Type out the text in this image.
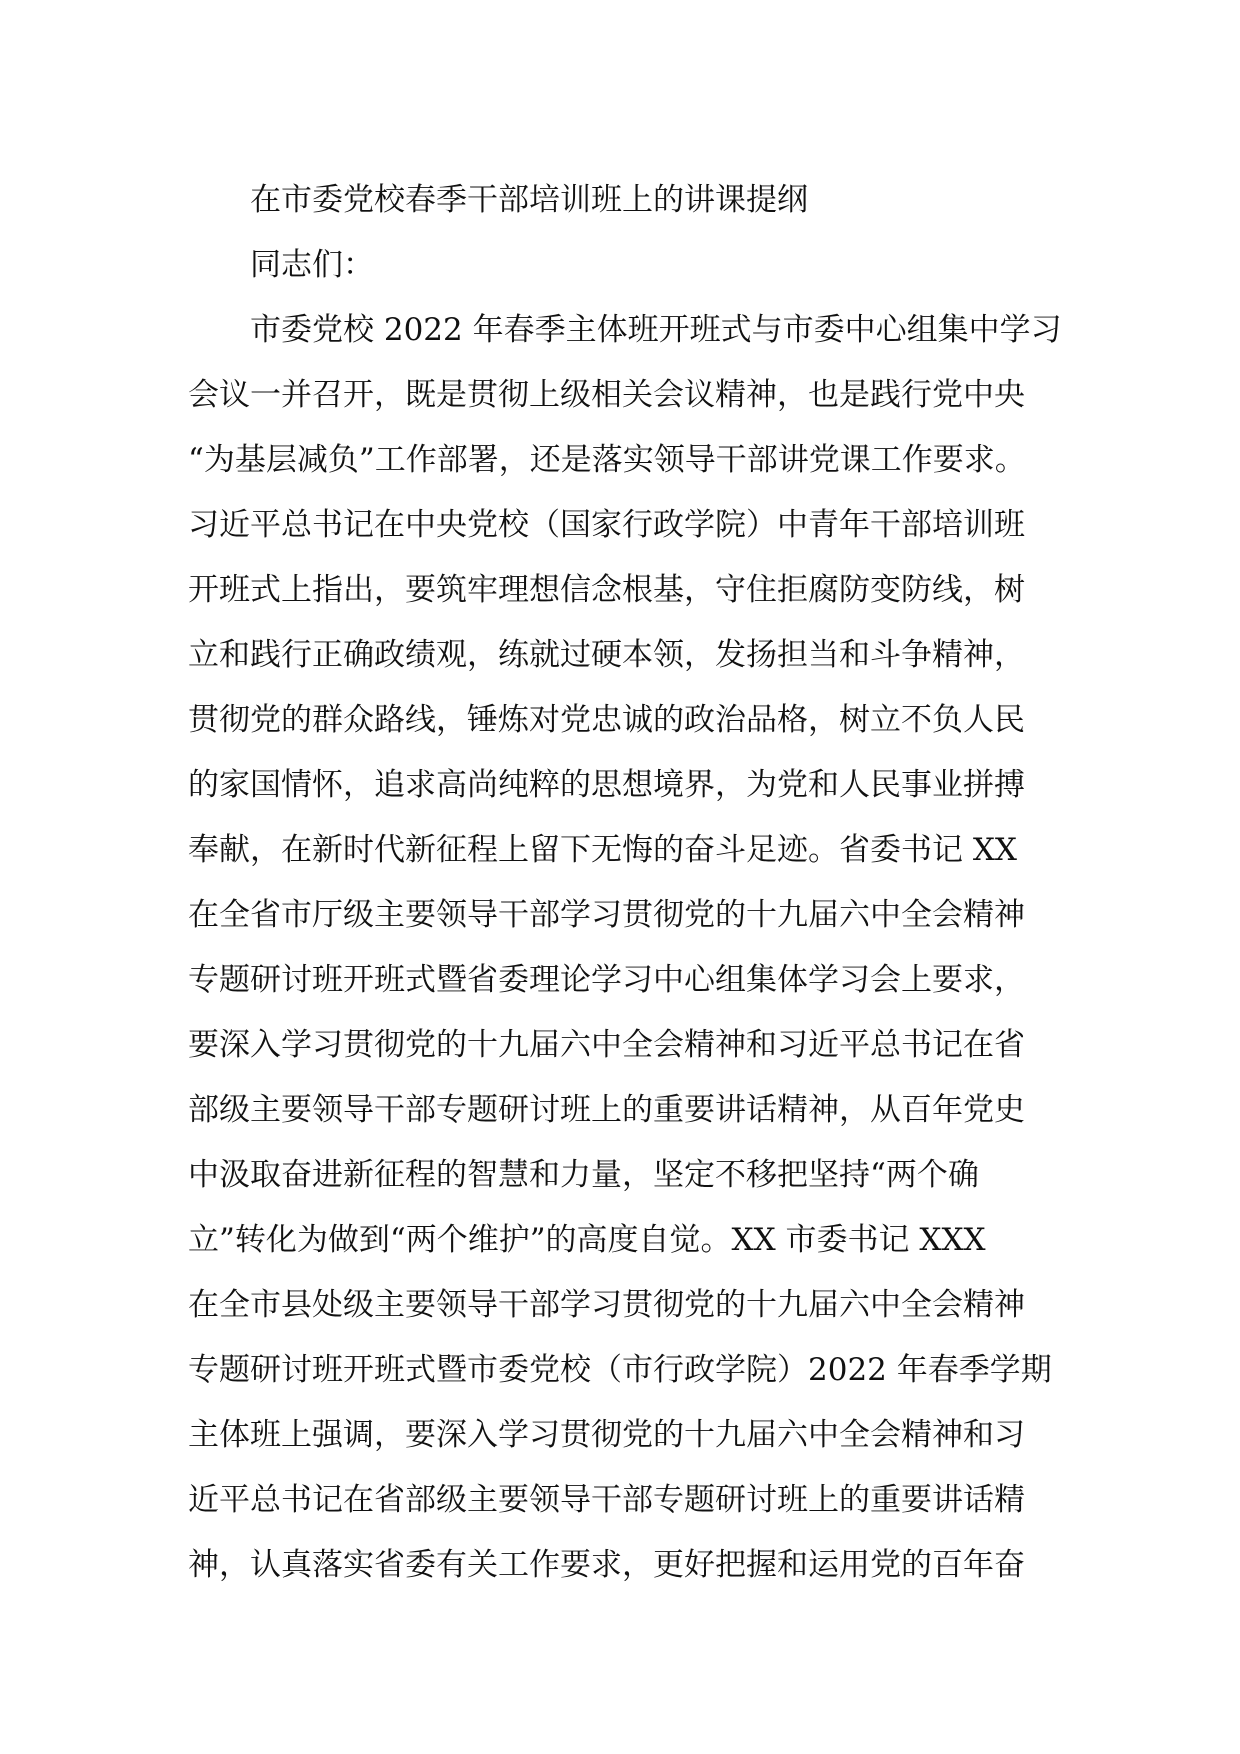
在市委党校春季干部培训班上的讲课提纲
同志们：
市委党校 2022 年春季主体班开班式与市委中心组集中学习
会议一并召开，既是贯彻上级相关会议精神，也是践行党中央
“为基层减负”工作部署，还是落实领导干部讲党课工作要求。
习近平总书记在中央党校（国家行政学院）中青年干部培训班
开班式上指出，要筑牢理想信念根基，守住拒腐防变防线，树
立和践行正确政绩观，练就过硬本领，发扬担当和斗争精神，
贯彻党的群众路线，锤炼对党忠诚的政治品格，树立不负人民
的家国情怀，追求高尚纯粹的思想境界，为党和人民事业拼搏
奉献，在新时代新征程上留下无悔的奋斗足迹。省委书记 XX
在全省市厅级主要领导干部学习贯彻党的十九届六中全会精神
专题研讨班开班式暨省委理论学习中心组集体学习会上要求，
要深入学习贯彻党的十九届六中全会精神和习近平总书记在省
部级主要领导干部专题研讨班上的重要讲话精神，从百年党史
中汲取奋进新征程的智慧和力量，坚定不移把坚持“两个确
立”转化为做到“两个维护”的高度自觉。XX 市委书记 XXX
在全市县处级主要领导干部学习贯彻党的十九届六中全会精神
专题研讨班开班式暨市委党校（市行政学院）2022 年春季学期
主体班上强调，要深入学习贯彻党的十九届六中全会精神和习
近平总书记在省部级主要领导干部专题研讨班上的重要讲话精
神，认真落实省委有关工作要求，更好把握和运用党的百年奋
